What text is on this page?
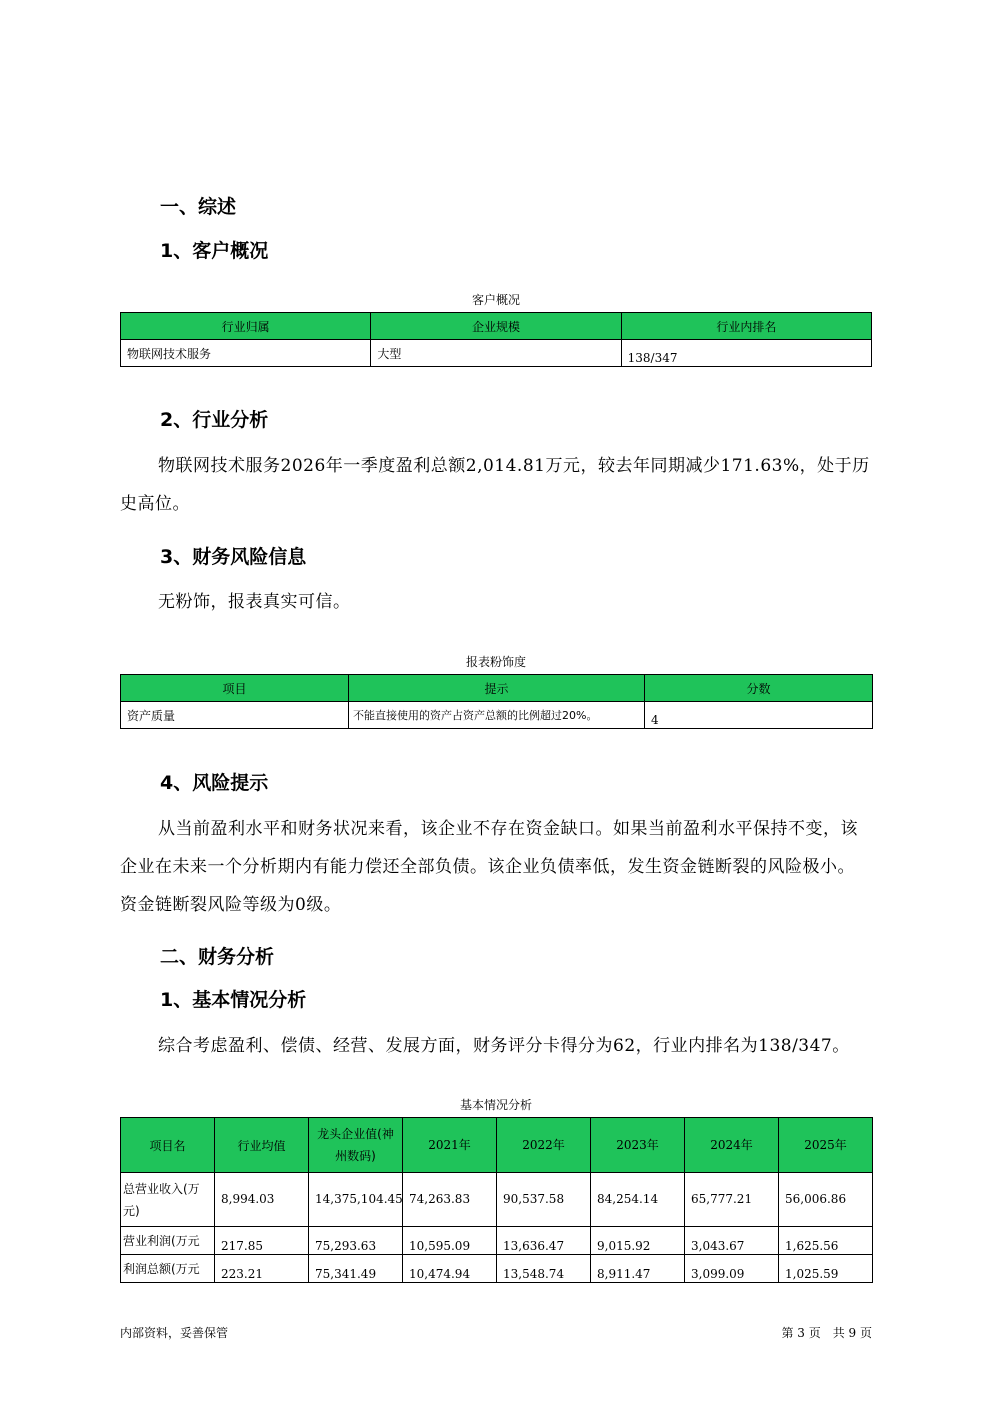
一、综述
1、客户概况
客户概况
行业归属	企业规模	行业内排名
物联网技术服务	大型	138/347
2、行业分析
物联网技术服务2026年一季度盈利总额2,014.81万元，较去年同期减少171.63%，处于历史高位。
3、财务风险信息
无粉饰，报表真实可信。
报表粉饰度
项目	提示	分数
资产质量	不能直接使用的资产占资产总额的比例超过20%。	4
4、风险提示
从当前盈利水平和财务状况来看，该企业不存在资金缺口。如果当前盈利水平保持不变，该企业在未来一个分析期内有能力偿还全部负债。该企业负债率低，发生资金链断裂的风险极小。资金链断裂风险等级为0级。
二、财务分析
1、基本情况分析
综合考虑盈利、偿债、经营、发展方面，财务评分卡得分为62，行业内排名为138/347。
基本情况分析
项目名	行业均值	龙头企业值(神州数码)	2021年	2022年	2023年	2024年	2025年
总营业收入(万元)	8,994.03	14,375,104.45	74,263.83	90,537.58	84,254.14	65,777.21	56,006.86
营业利润(万元	217.85	75,293.63	10,595.09	13,636.47	9,015.92	3,043.67	1,625.56
利润总额(万元	223.21	75,341.49	10,474.94	13,548.74	8,911.47	3,099.09	1,025.59
内部资料，妥善保管	第 3 页　共 9 页
